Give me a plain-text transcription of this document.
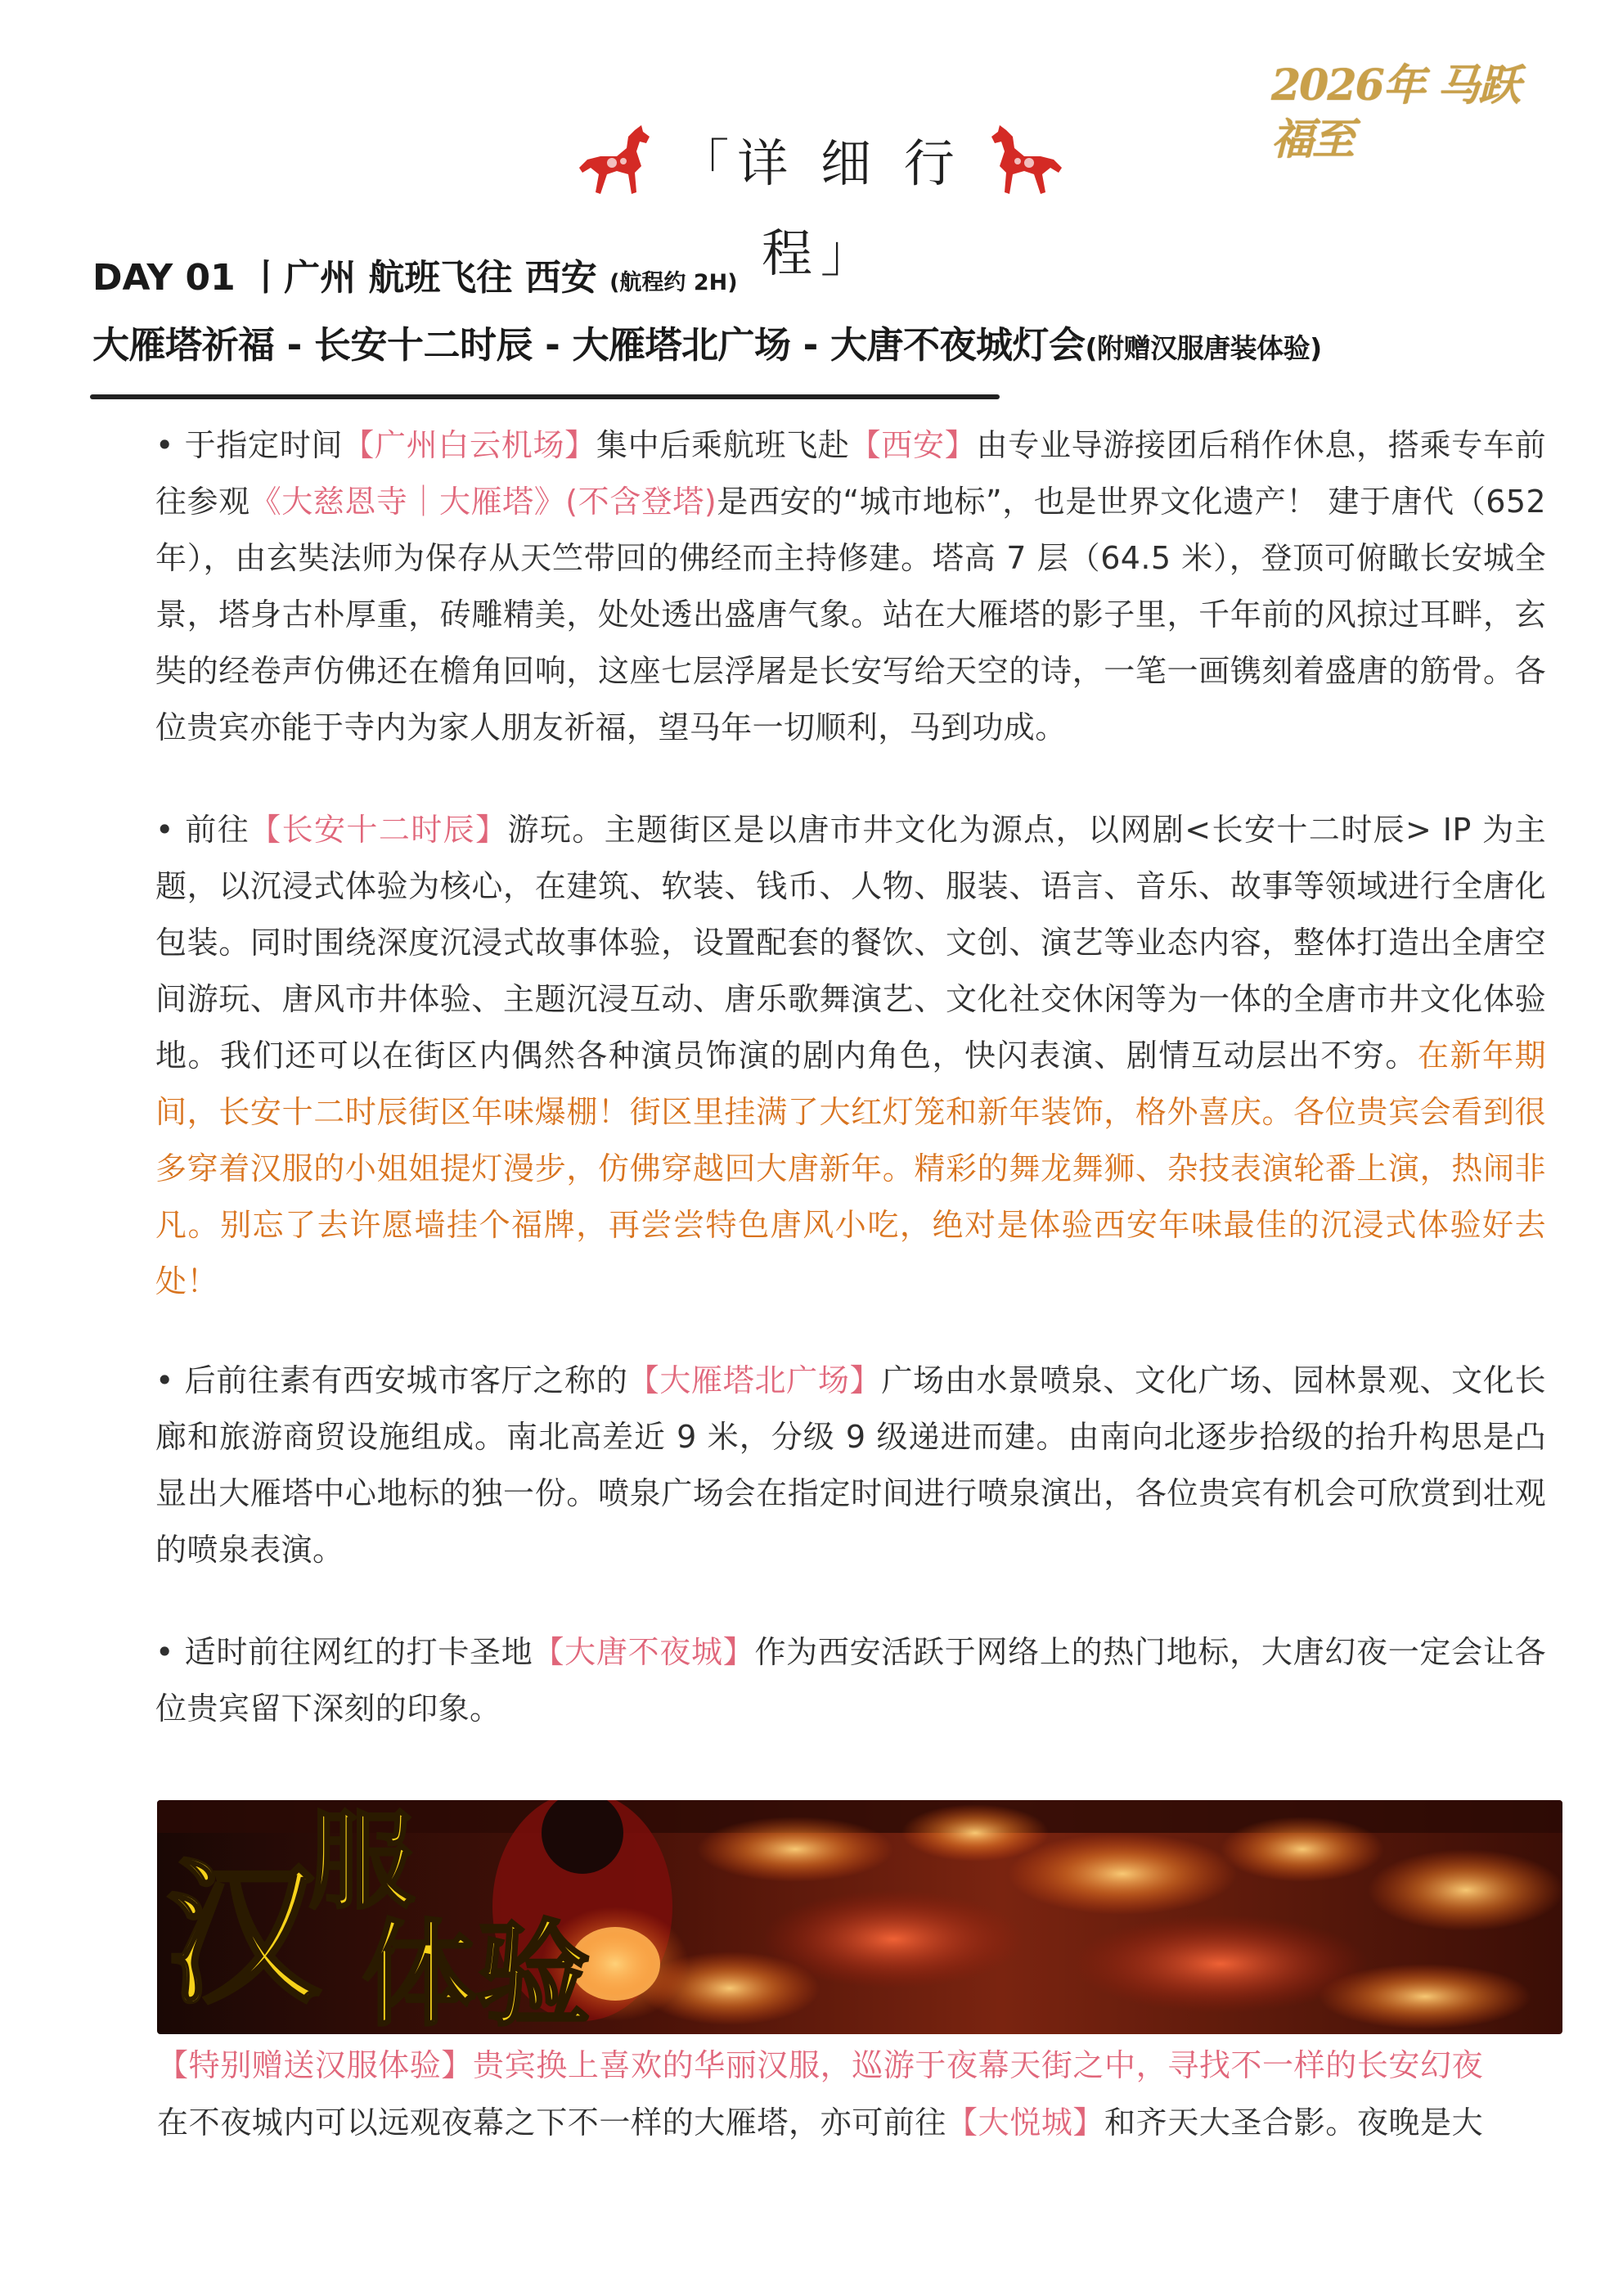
2026年 马跃福至
「详 细 行 程」
DAY 01 丨广州 航班飞往 西安 (航程约 2H)
大雁塔祈福 - 长安十二时辰 - 大雁塔北广场 - 大唐不夜城灯会(附赠汉服唐装体验)
• 于指定时间【广州白云机场】集中后乘航班飞赴【西安】由专业导游接团后稍作休息，搭乘专车前往参观《大慈恩寺｜大雁塔》(不含登塔)是西安的“城市地标”，也是世界文化遗产！ 建于唐代（652 年），由玄奘法师为保存从天竺带回的佛经而主持修建。塔高 7 层（64.5 米），登顶可俯瞰长安城全景，塔身古朴厚重，砖雕精美，处处透出盛唐气象。站在大雁塔的影子里，千年前的风掠过耳畔，玄奘的经卷声仿佛还在檐角回响，这座七层浮屠是长安写给天空的诗，一笔一画镌刻着盛唐的筋骨。各位贵宾亦能于寺内为家人朋友祈福，望马年一切顺利，马到功成。
• 前往【长安十二时辰】游玩。主题街区是以唐市井文化为源点，以网剧<长安十二时辰> IP 为主题，以沉浸式体验为核心，在建筑、软装、钱币、人物、服装、语言、音乐、故事等领域进行全唐化包装。同时围绕深度沉浸式故事体验，设置配套的餐饮、文创、演艺等业态内容，整体打造出全唐空间游玩、唐风市井体验、主题沉浸互动、唐乐歌舞演艺、文化社交休闲等为一体的全唐市井文化体验地。我们还可以在街区内偶然各种演员饰演的剧内角色，快闪表演、剧情互动层出不穷。在新年期间，长安十二时辰街区年味爆棚！街区里挂满了大红灯笼和新年装饰，格外喜庆。各位贵宾会看到很多穿着汉服的小姐姐提灯漫步，仿佛穿越回大唐新年。精彩的舞龙舞狮、杂技表演轮番上演，热闹非凡。别忘了去许愿墙挂个福牌，再尝尝特色唐风小吃，绝对是体验西安年味最佳的沉浸式体验好去处！
• 后前往素有西安城市客厅之称的【大雁塔北广场】广场由水景喷泉、文化广场、园林景观、文化长廊和旅游商贸设施组成。南北高差近 9 米，分级 9 级递进而建。由南向北逐步拾级的抬升构思是凸显出大雁塔中心地标的独一份。喷泉广场会在指定时间进行喷泉演出，各位贵宾有机会可欣赏到壮观的喷泉表演。
• 适时前往网红的打卡圣地【大唐不夜城】作为西安活跃于网络上的热门地标，大唐幻夜一定会让各位贵宾留下深刻的印象。
汉
服
体 验
【特别赠送汉服体验】贵宾换上喜欢的华丽汉服，巡游于夜幕天街之中，寻找不一样的长安幻夜
在不夜城内可以远观夜幕之下不一样的大雁塔，亦可前往【大悦城】和齐天大圣合影。夜晚是大
